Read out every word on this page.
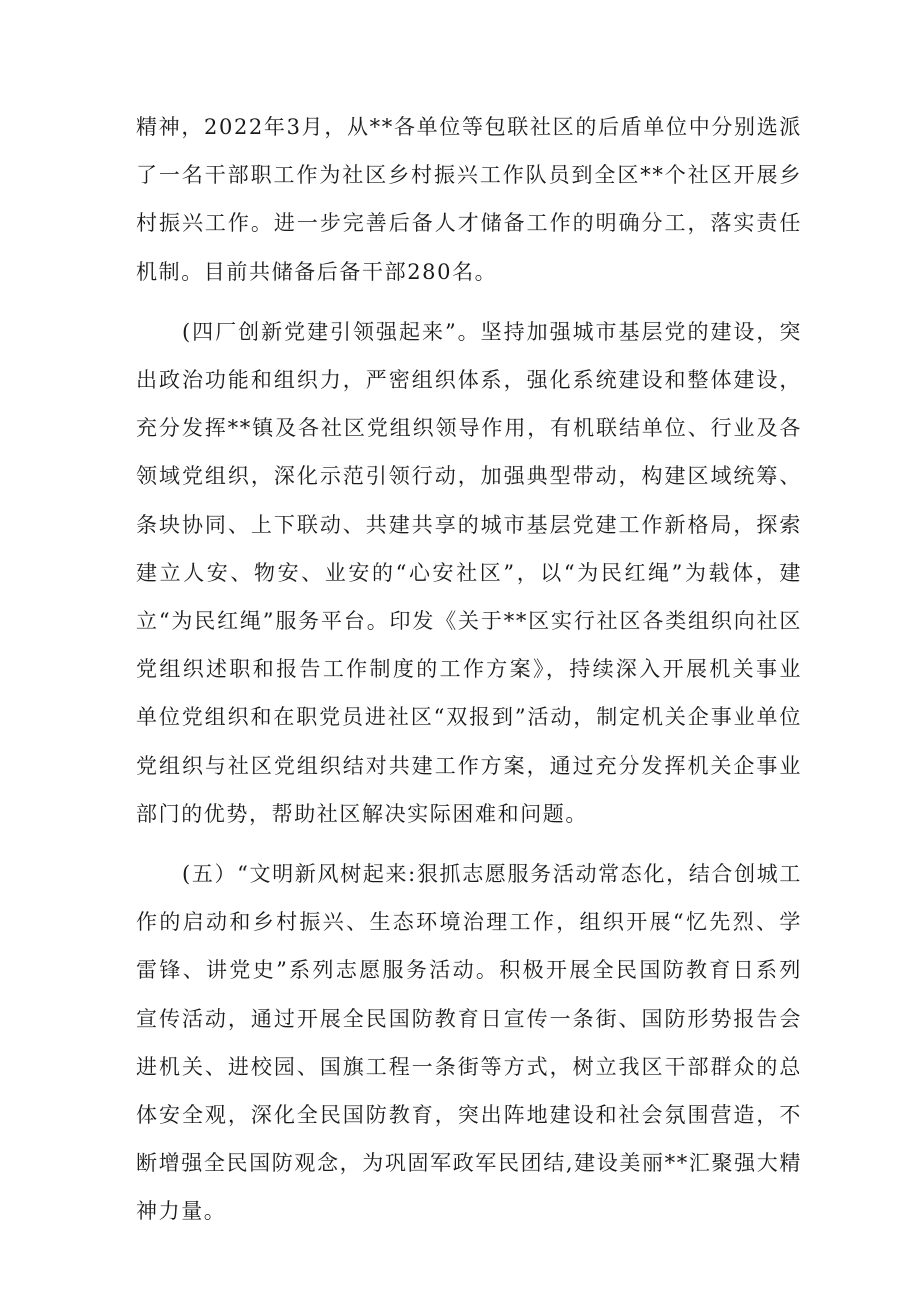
精神，2022年3月，从**各单位等包联社区的后盾单位中分别选派了一名干部职工作为社区乡村振兴工作队员到全区**个社区开展乡村振兴工作。进一步完善后备人才储备工作的明确分工，落实责任机制。目前共储备后备干部280名。

(四厂创新党建引领强起来”。坚持加强城市基层党的建设，突出政治功能和组织力，严密组织体系，强化系统建设和整体建设，充分发挥**镇及各社区党组织领导作用，有机联结单位、行业及各领域党组织，深化示范引领行动，加强典型带动，构建区域统筹、条块协同、上下联动、共建共享的城市基层党建工作新格局，探索建立人安、物安、业安的“心安社区”，以“为民红绳”为载体，建立“为民红绳”服务平台。印发《关于**区实行社区各类组织向社区党组织述职和报告工作制度的工作方案》，持续深入开展机关事业单位党组织和在职党员进社区“双报到”活动，制定机关企事业单位党组织与社区党组织结对共建工作方案，通过充分发挥机关企事业部门的优势，帮助社区解决实际困难和问题。

(五）“文明新风树起来:狠抓志愿服务活动常态化，结合创城工作的启动和乡村振兴、生态环境治理工作，组织开展“忆先烈、学雷锋、讲党史”系列志愿服务活动。积极开展全民国防教育日系列宣传活动，通过开展全民国防教育日宣传一条街、国防形势报告会进机关、进校园、国旗工程一条街等方式，树立我区干部群众的总体安全观，深化全民国防教育，突出阵地建设和社会氛围营造，不断增强全民国防观念，为巩固军政军民团结,建设美丽**汇聚强大精神力量。
